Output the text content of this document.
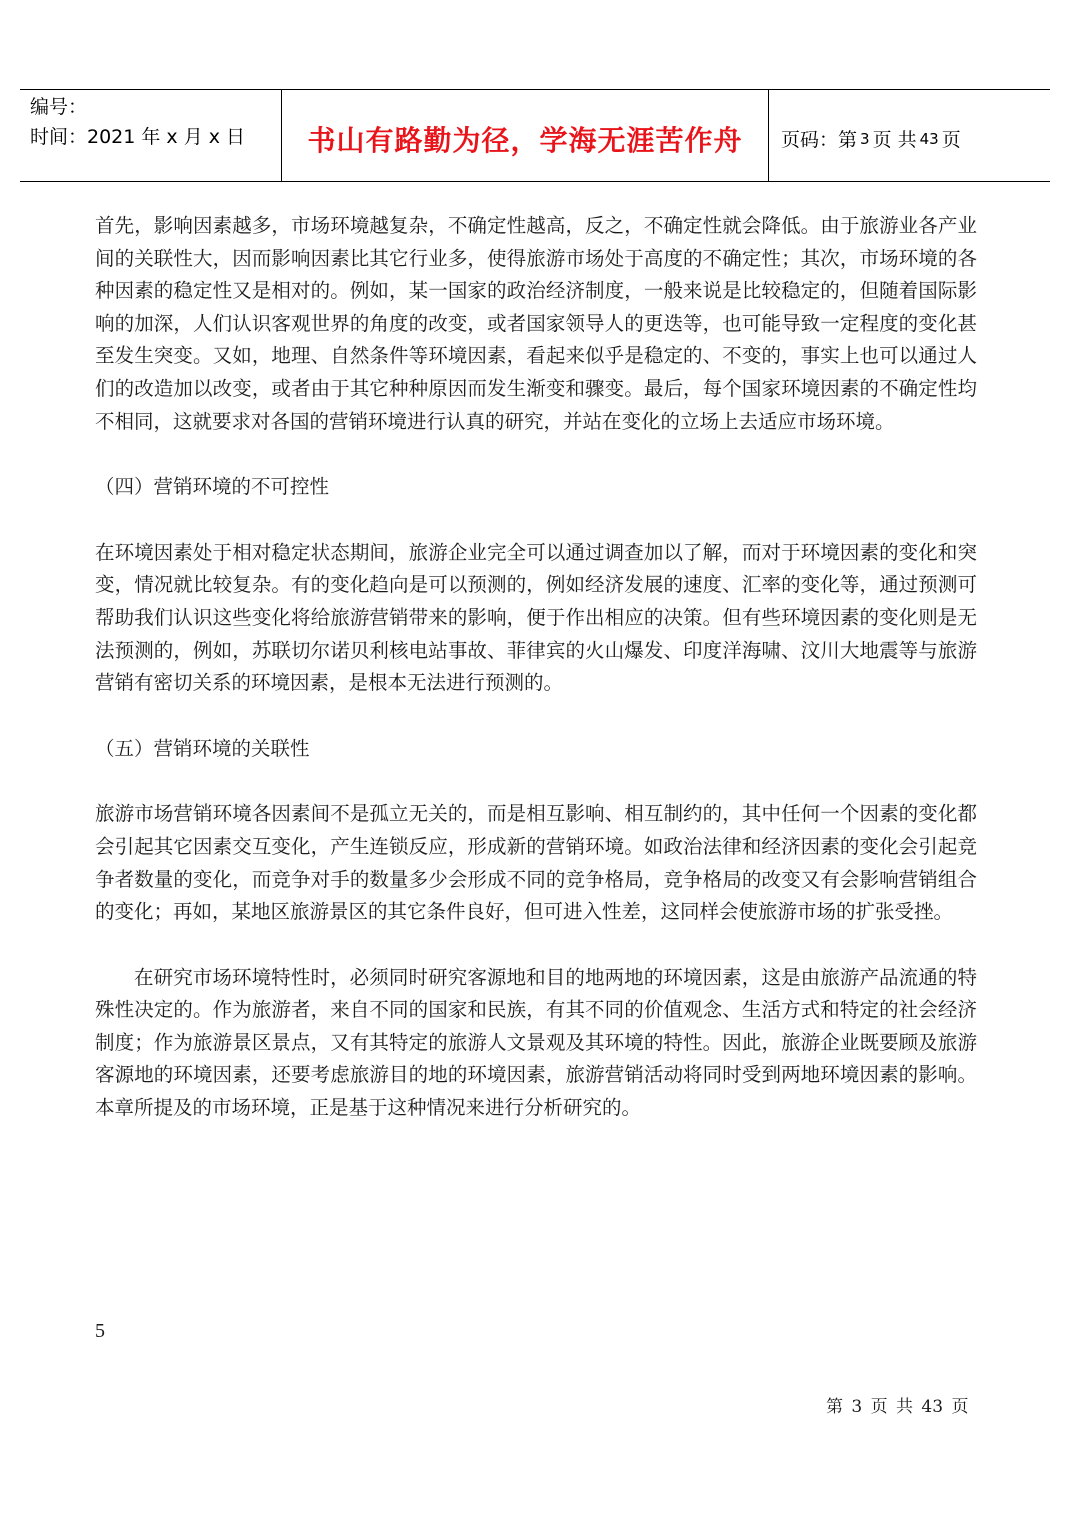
编号：
时间：2021 年 x 月 x 日	书山有路勤为径，学海无涯苦作舟 页码：第 3 页 共 43 页

首先，影响因素越多，市场环境越复杂，不确定性越高，反之，不确定性就会降低。由于旅游业各产业间的关联性大，因而影响因素比其它行业多，使得旅游市场处于高度的不确定性；其次，市场环境的各种因素的稳定性又是相对的。例如，某一国家的政治经济制度，一般来说是比较稳定的，但随着国际影响的加深，人们认识客观世界的角度的改变，或者国家领导人的更迭等，也可能导致一定程度的变化甚至发生突变。又如，地理、自然条件等环境因素，看起来似乎是稳定的、不变的，事实上也可以通过人们的改造加以改变，或者由于其它种种原因而发生渐变和骤变。最后，每个国家环境因素的不确定性均不相同，这就要求对各国的营销环境进行认真的研究，并站在变化的立场上去适应市场环境。

（四）营销环境的不可控性

在环境因素处于相对稳定状态期间，旅游企业完全可以通过调查加以了解，而对于环境因素的变化和突变，情况就比较复杂。有的变化趋向是可以预测的，例如经济发展的速度、汇率的变化等，通过预测可帮助我们认识这些变化将给旅游营销带来的影响，便于作出相应的决策。但有些环境因素的变化则是无法预测的，例如，苏联切尔诺贝利核电站事故、菲律宾的火山爆发、印度洋海啸、汶川大地震等与旅游营销有密切关系的环境因素，是根本无法进行预测的。

（五）营销环境的关联性

旅游市场营销环境各因素间不是孤立无关的，而是相互影响、相互制约的，其中任何一个因素的变化都会引起其它因素交互变化，产生连锁反应，形成新的营销环境。如政治法律和经济因素的变化会引起竞争者数量的变化，而竞争对手的数量多少会形成不同的竞争格局，竞争格局的改变又有会影响营销组合的变化；再如，某地区旅游景区的其它条件良好，但可进入性差，这同样会使旅游市场的扩张受挫。

在研究市场环境特性时，必须同时研究客源地和目的地两地的环境因素，这是由旅游产品流通的特殊性决定的。作为旅游者，来自不同的国家和民族，有其不同的价值观念、生活方式和特定的社会经济制度；作为旅游景区景点，又有其特定的旅游人文景观及其环境的特性。因此，旅游企业既要顾及旅游客源地的环境因素，还要考虑旅游目的地的环境因素，旅游营销活动将同时受到两地环境因素的影响。本章所提及的市场环境，正是基于这种情况来进行分析研究的。

5
第 3 页 共 43 页
